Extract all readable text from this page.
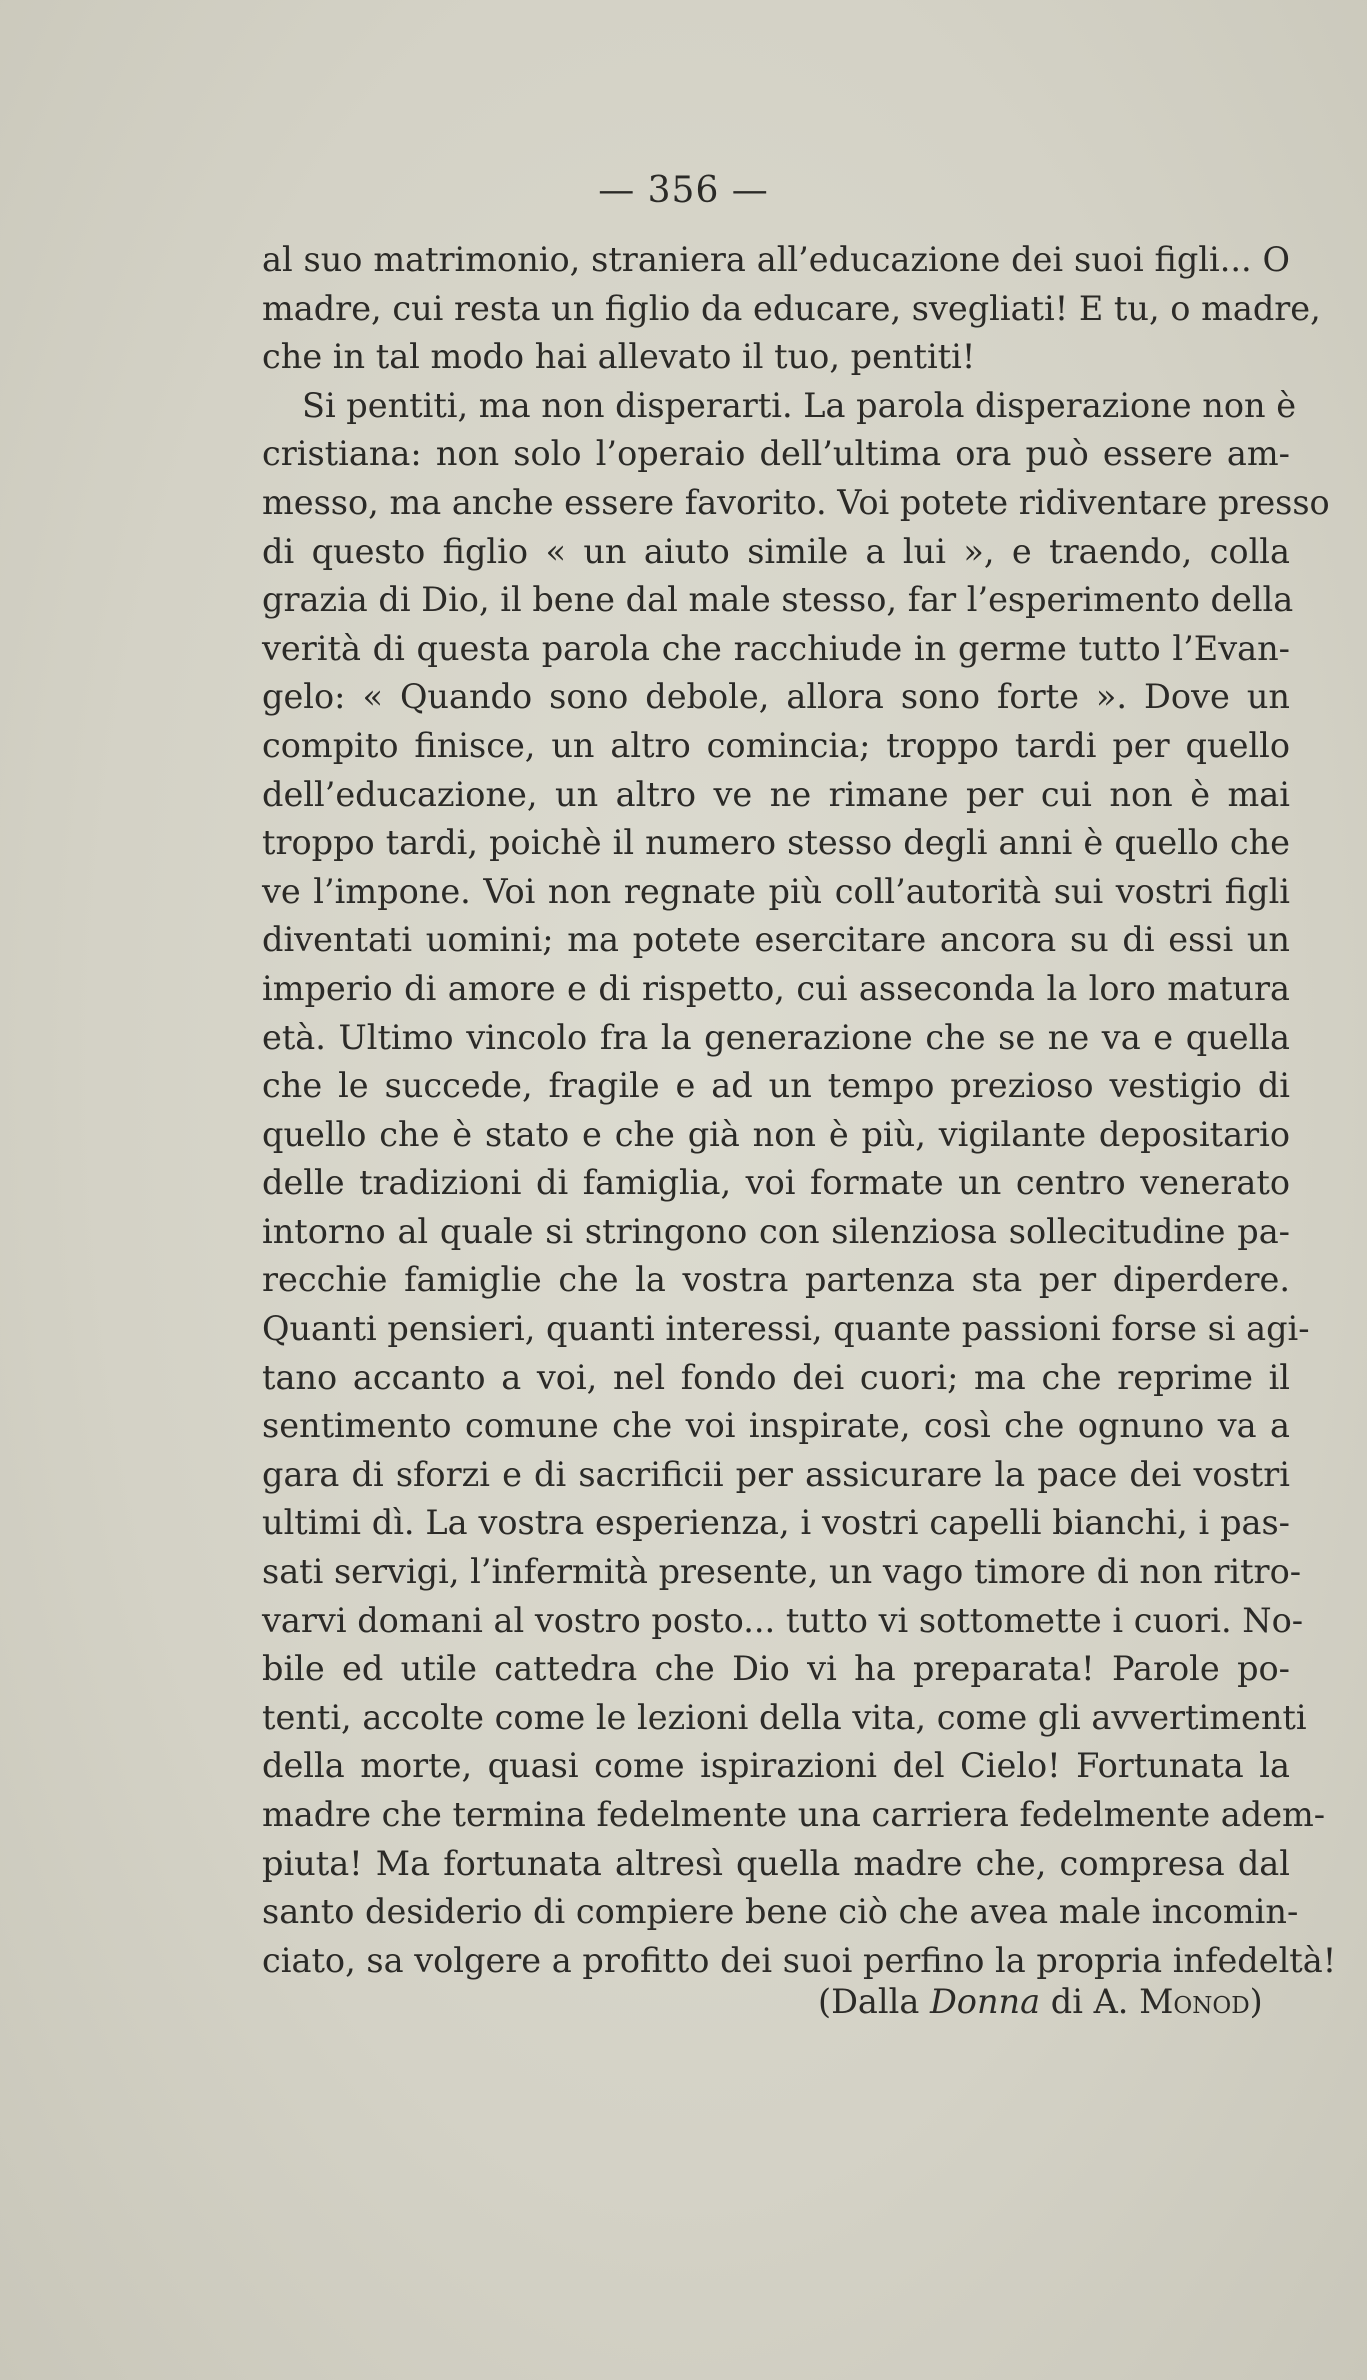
— 356 —
al suo matrimonio, straniera all’educazione dei suoi figli... O
madre, cui resta un figlio da educare, svegliati! E tu, o madre,
che in tal modo hai allevato il tuo, pentiti!
Si pentiti, ma non disperarti. La parola disperazione non è
cristiana: non solo l’operaio dell’ultima ora può essere am-
messo, ma anche essere favorito. Voi potete ridiventare presso
di questo figlio « un aiuto simile a lui », e traendo, colla
grazia di Dio, il bene dal male stesso, far l’esperimento della
verità di questa parola che racchiude in germe tutto l’Evan-
gelo: « Quando sono debole, allora sono forte ». Dove un
compito finisce, un altro comincia; troppo tardi per quello
dell’educazione, un altro ve ne rimane per cui non è mai
troppo tardi, poichè il numero stesso degli anni è quello che
ve l’impone. Voi non regnate più coll’autorità sui vostri figli
diventati uomini; ma potete esercitare ancora su di essi un
imperio di amore e di rispetto, cui asseconda la loro matura
età. Ultimo vincolo fra la generazione che se ne va e quella
che le succede, fragile e ad un tempo prezioso vestigio di
quello che è stato e che già non è più, vigilante depositario
delle tradizioni di famiglia, voi formate un centro venerato
intorno al quale si stringono con silenziosa sollecitudine pa-
recchie famiglie che la vostra partenza sta per diperdere.
Quanti pensieri, quanti interessi, quante passioni forse si agi-
tano accanto a voi, nel fondo dei cuori; ma che reprime il
sentimento comune che voi inspirate, così che ognuno va a
gara di sforzi e di sacrificii per assicurare la pace dei vostri
ultimi dì. La vostra esperienza, i vostri capelli bianchi, i pas-
sati servigi, l’infermità presente, un vago timore di non ritro-
varvi domani al vostro posto... tutto vi sottomette i cuori. No-
bile ed utile cattedra che Dio vi ha preparata! Parole po-
tenti, accolte come le lezioni della vita, come gli avvertimenti
della morte, quasi come ispirazioni del Cielo! Fortunata la
madre che termina fedelmente una carriera fedelmente adem-
piuta! Ma fortunata altresì quella madre che, compresa dal
santo desiderio di compiere bene ciò che avea male incomin-
ciato, sa volgere a profitto dei suoi perfino la propria infedeltà!
(Dalla Donna di A. Monod)
